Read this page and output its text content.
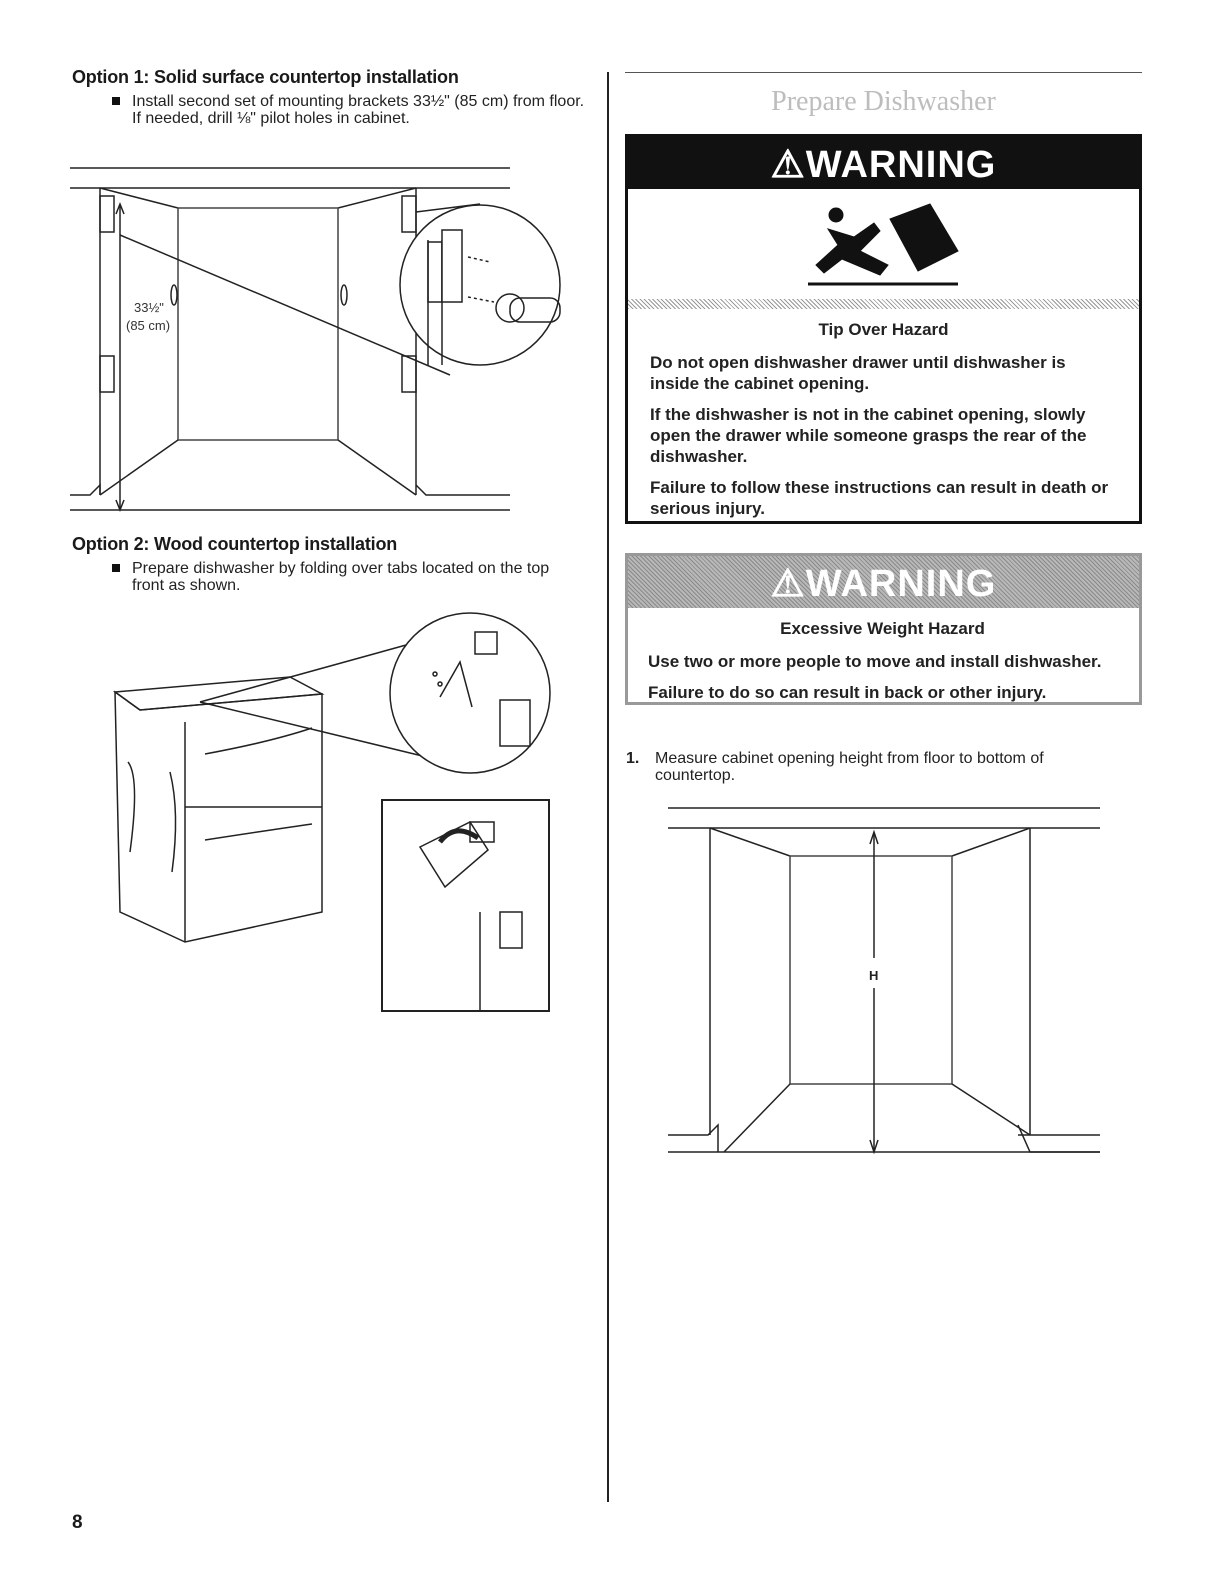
Option 1: Solid surface countertop installation
Install second set of mounting brackets 33½" (85 cm) from floor. If needed, drill ⅛" pilot holes in cabinet.
33½"
(85 cm)
Option 2: Wood countertop installation
Prepare dishwasher by folding over tabs located on the top front as shown.
Prepare Dishwasher
⚠WARNING
Tip Over Hazard

Do not open dishwasher drawer until dishwasher is inside the cabinet opening.

If the dishwasher is not in the cabinet opening, slowly open the drawer while someone grasps the rear of the dishwasher.

Failure to follow these instructions can result in death or serious injury.

⚠WARNING
Excessive Weight Hazard

Use two or more people to move and install dishwasher.

Failure to do so can result in back or other injury.

1. Measure cabinet opening height from floor to bottom of countertop.
H
8
